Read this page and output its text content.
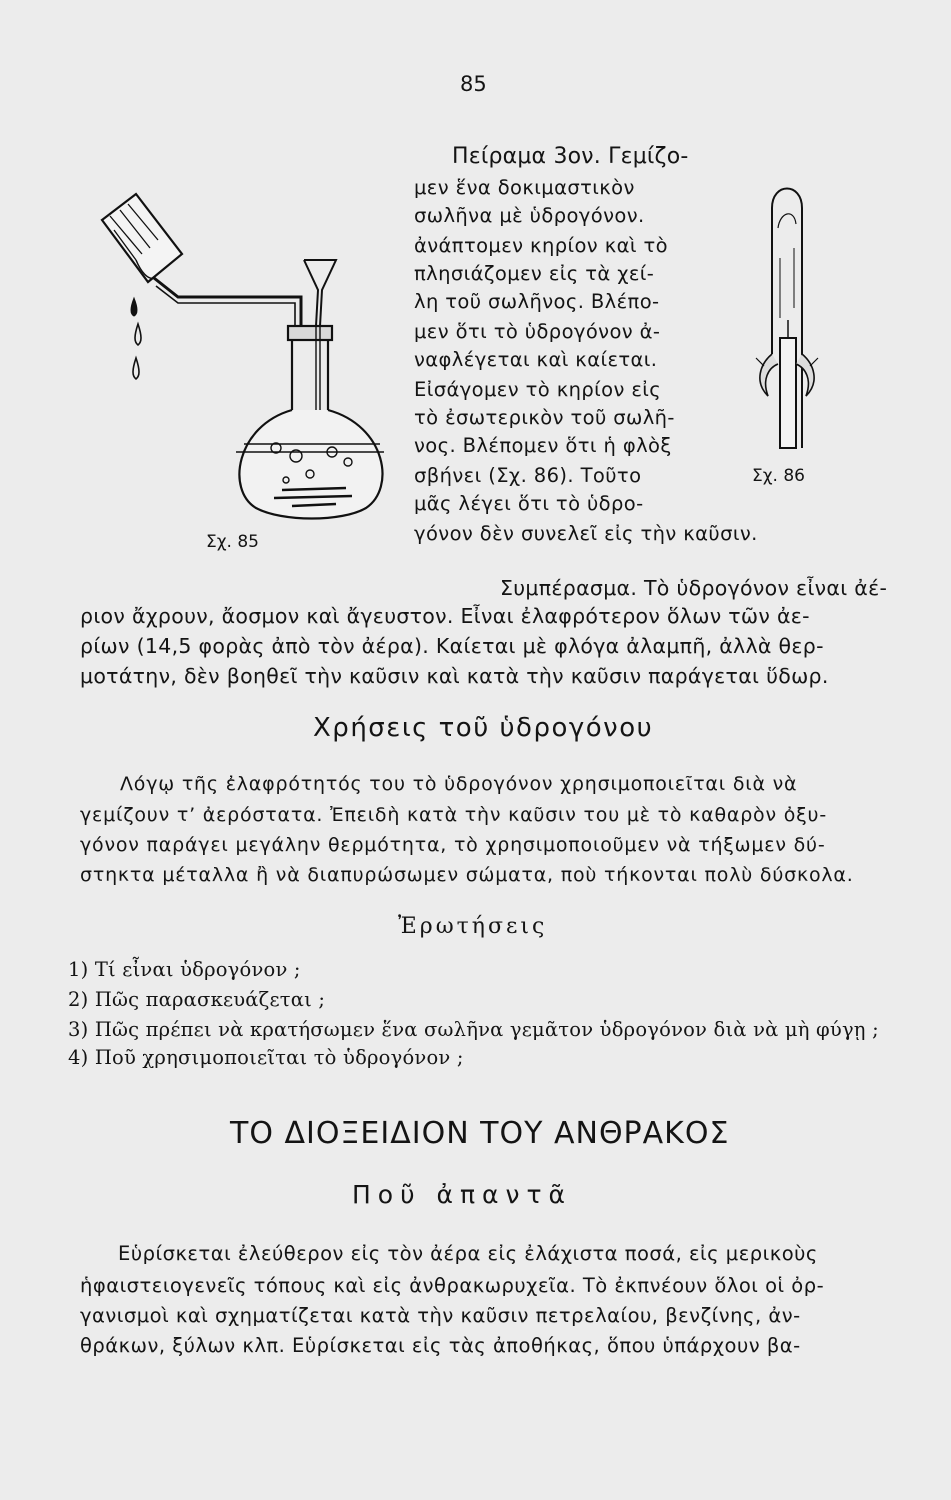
85
Σχ. 85
Σχ. 86
Πείραμα 3ον. Γεμίζο-
μεν ἕνα δοκιμαστικὸν
σωλῆνα μὲ ὑδρογόνον.
ἀνάπτομεν κηρίον καὶ τὸ
πλησιάζομεν εἰς τὰ χεί-
λη τοῦ σωλῆνος. Βλέπο-
μεν ὅτι τὸ ὑδρογόνον ἀ-
ναφλέγεται καὶ καίεται.
Εἰσάγομεν τὸ κηρίον εἰς
τὸ ἐσωτερικὸν τοῦ σωλῆ-
νος. Βλέπομεν ὅτι ἡ φλὸξ
σβήνει (Σχ. 86). Τοῦτο
μᾶς λέγει ὅτι τὸ ὑδρο-
γόνον δὲν συνελεῖ εἰς τὴν καῦσιν.
Συμπέρασμα. Τὸ ὑδρογόνον εἶναι ἀέ-
ριον ἄχρουν, ἄοσμον καὶ ἄγευστον. Εἶναι ἐλαφρότερον ὅλων τῶν ἀε-
ρίων (14,5 φορὰς ἀπὸ τὸν ἀέρα). Καίεται μὲ φλόγα ἀλαμπῆ, ἀλλὰ θερ-
μοτάτην, δὲν βοηθεῖ τὴν καῦσιν καὶ κατὰ τὴν καῦσιν παράγεται ὕδωρ.
Χρήσεις τοῦ ὑδρογόνου
Λόγῳ τῆς ἐλαφρότητός του τὸ ὑδρογόνον χρησιμοποιεῖται διὰ νὰ
γεμίζουν τ’ ἀερόστατα. Ἐπειδὴ κατὰ τὴν καῦσιν του μὲ τὸ καθαρὸν ὀξυ-
γόνον παράγει μεγάλην θερμότητα, τὸ χρησιμοποιοῦμεν νὰ τήξωμεν δύ-
στηκτα μέταλλα ἢ νὰ διαπυρώσωμεν σώματα, ποὺ τήκονται πολὺ δύσκολα.
Ἐρωτήσεις
1) Τί εἶναι ὑδρογόνον ;
2) Πῶς παρασκευάζεται ;
3) Πῶς πρέπει νὰ κρατήσωμεν ἕνα σωλῆνα γεμᾶτον ὑδρογόνον διὰ νὰ μὴ φύγῃ ;
4) Ποῦ χρησιμοποιεῖται τὸ ὑδρογόνον ;
ΤΟ ΔΙΟΞΕΙΔΙΟΝ ΤΟΥ ΑΝΘΡΑΚΟΣ
Ποῦ ἀπαντᾶ
Εὑρίσκεται ἐλεύθερον εἰς τὸν ἀέρα εἰς ἐλάχιστα ποσά, εἰς μερικοὺς
ἡφαιστειογενεῖς τόπους καὶ εἰς ἀνθρακωρυχεῖα. Τὸ ἐκπνέουν ὅλοι οἱ ὀρ-
γανισμοὶ καὶ σχηματίζεται κατὰ τὴν καῦσιν πετρελαίου, βενζίνης, ἀν-
θράκων, ξύλων κλπ. Εὑρίσκεται εἰς τὰς ἀποθήκας, ὅπου ὑπάρχουν βα-
